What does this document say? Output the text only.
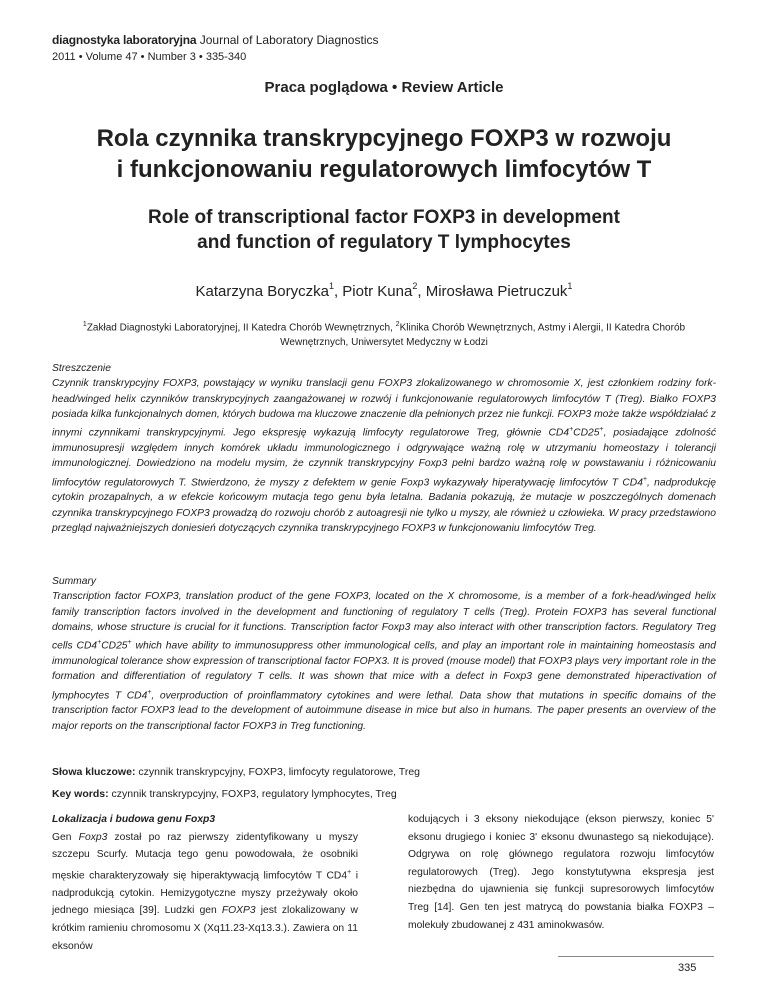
diagnostyka laboratoryjna Journal of Laboratory Diagnostics
2011 • Volume 47 • Number 3 • 335-340
Praca poglądowa • Review Article
Rola czynnika transkrypcyjnego FOXP3 w rozwoju
i funkcjonowaniu regulatorowych limfocytów T
Role of transcriptional factor FOXP3 in development
and function of regulatory T lymphocytes
Katarzyna Boryczka$^1$, Piotr Kuna$^2$, Mirosława Pietruczuk$^1$
$^1$Zakład Diagnostyki Laboratoryjnej, II Katedra Chorób Wewnętrznych, $^2$Klinika Chorób Wewnętrznych, Astmy i Alergii, II Katedra Chorób Wewnętrznych, Uniwersytet Medyczny w Łodzi
Streszczenie
Czynnik transkrypcyjny FOXP3, powstający w wyniku translacji genu FOXP3 zlokalizowanego w chromosomie X, jest członkiem rodziny fork-head/winged helix czynników transkrypcyjnych zaangażowanej w rozwój i funkcjonowanie regulatorowych limfocytów T (Treg). Białko FOXP3 posiada kilka funkcjonalnych domen, których budowa ma kluczowe znaczenie dla pełnionych przez nie funkcji. FOXP3 może także współdziałać z innymi czynnikami transkrypcyjnymi. Jego ekspresję wykazują limfocyty regulatorowe Treg, głównie CD4+CD25+, posiadające zdolność immunosupresji względem innych komórek układu immunologicznego i odgrywające ważną rolę w utrzymaniu homeostazy i tolerancji immunologicznej. Dowiedziono na modelu mysim, że czynnik transkrypcyjny Foxp3 pełni bardzo ważną rolę w powstawaniu i różnicowaniu limfocytów regulatorowych T. Stwierdzono, że myszy z defektem w genie Foxp3 wykazywały hiperatywację limfocytów T CD4+, nadprodukcję cytokin prozapalnych, a w efekcie końcowym mutacja tego genu była letalna. Badania pokazują, że mutacje w poszczególnych domenach czynnika transkrypcyjnego FOXP3 prowadzą do rozwoju chorób z autoagresji nie tylko u myszy, ale również u człowieka. W pracy przedstawiono przegląd najważniejszych doniesień dotyczących czynnika transkrypcyjnego FOXP3 w funkcjonowaniu limfocytów Treg.
Summary
Transcription factor FOXP3, translation product of the gene FOXP3, located on the X chromosome, is a member of a fork-head/winged helix family transcription factors involved in the development and functioning of regulatory T cells (Treg). Protein FOXP3 has several functional domains, whose structure is crucial for it functions. Transcription factor Foxp3 may also interact with other transcription factors. Regulatory Treg cells CD4+CD25+ which have ability to immunosuppress other immunological cells, and play an important role in maintaining homeostasis and immunological tolerance show expression of transcriptional factor FOPX3. It is proved (mouse model) that FOXP3 plays very important role in the formation and differentiation of regulatory T cells. It was shown that mice with a defect in Foxp3 gene demonstrated hiperactivation of lymphocytes T CD4+, overproduction of proinflammatory cytokines and were lethal. Data show that mutations in specific domains of the transcription factor FOXP3 lead to the development of autoimmune disease in mice but also in humans. The paper presents an overview of the major reports on the transcriptional factor FOXP3 in Treg functioning.
Słowa kluczowe: czynnik transkrypcyjny, FOXP3, limfocyty regulatorowe, Treg
Key words: czynnik transkrypcyjny, FOXP3, regulatory lymphocytes, Treg
Lokalizacja i budowa genu Foxp3
Gen Foxp3 został po raz pierwszy zidentyfikowany u myszy szczepu Scurfy. Mutacja tego genu powodowała, że osobniki męskie charakteryzowały się hiperaktywacją limfocytów T CD4+ i nadprodukcją cytokin. Hemizygotyczne myszy przeżywały około jednego miesiąca [39]. Ludzki gen FOXP3 jest zlokalizowany w krótkim ramieniu chromosomu X (Xq11.23-Xq13.3.). Zawiera on 11 eksonów
kodujących i 3 eksony niekodujące (ekson pierwszy, koniec 5' eksonu drugiego i koniec 3' eksonu dwunastego są niekodujące). Odgrywa on rolę głównego regulatora rozwoju limfocytów regulatorowych (Treg). Jego konstytutywna ekspresja jest niezbędna do ujawnienia się funkcji supresorowych limfocytów Treg [14]. Gen ten jest matrycą do powstania białka FOXP3 – molekuły zbudowanej z 431 aminokwasów.
335
